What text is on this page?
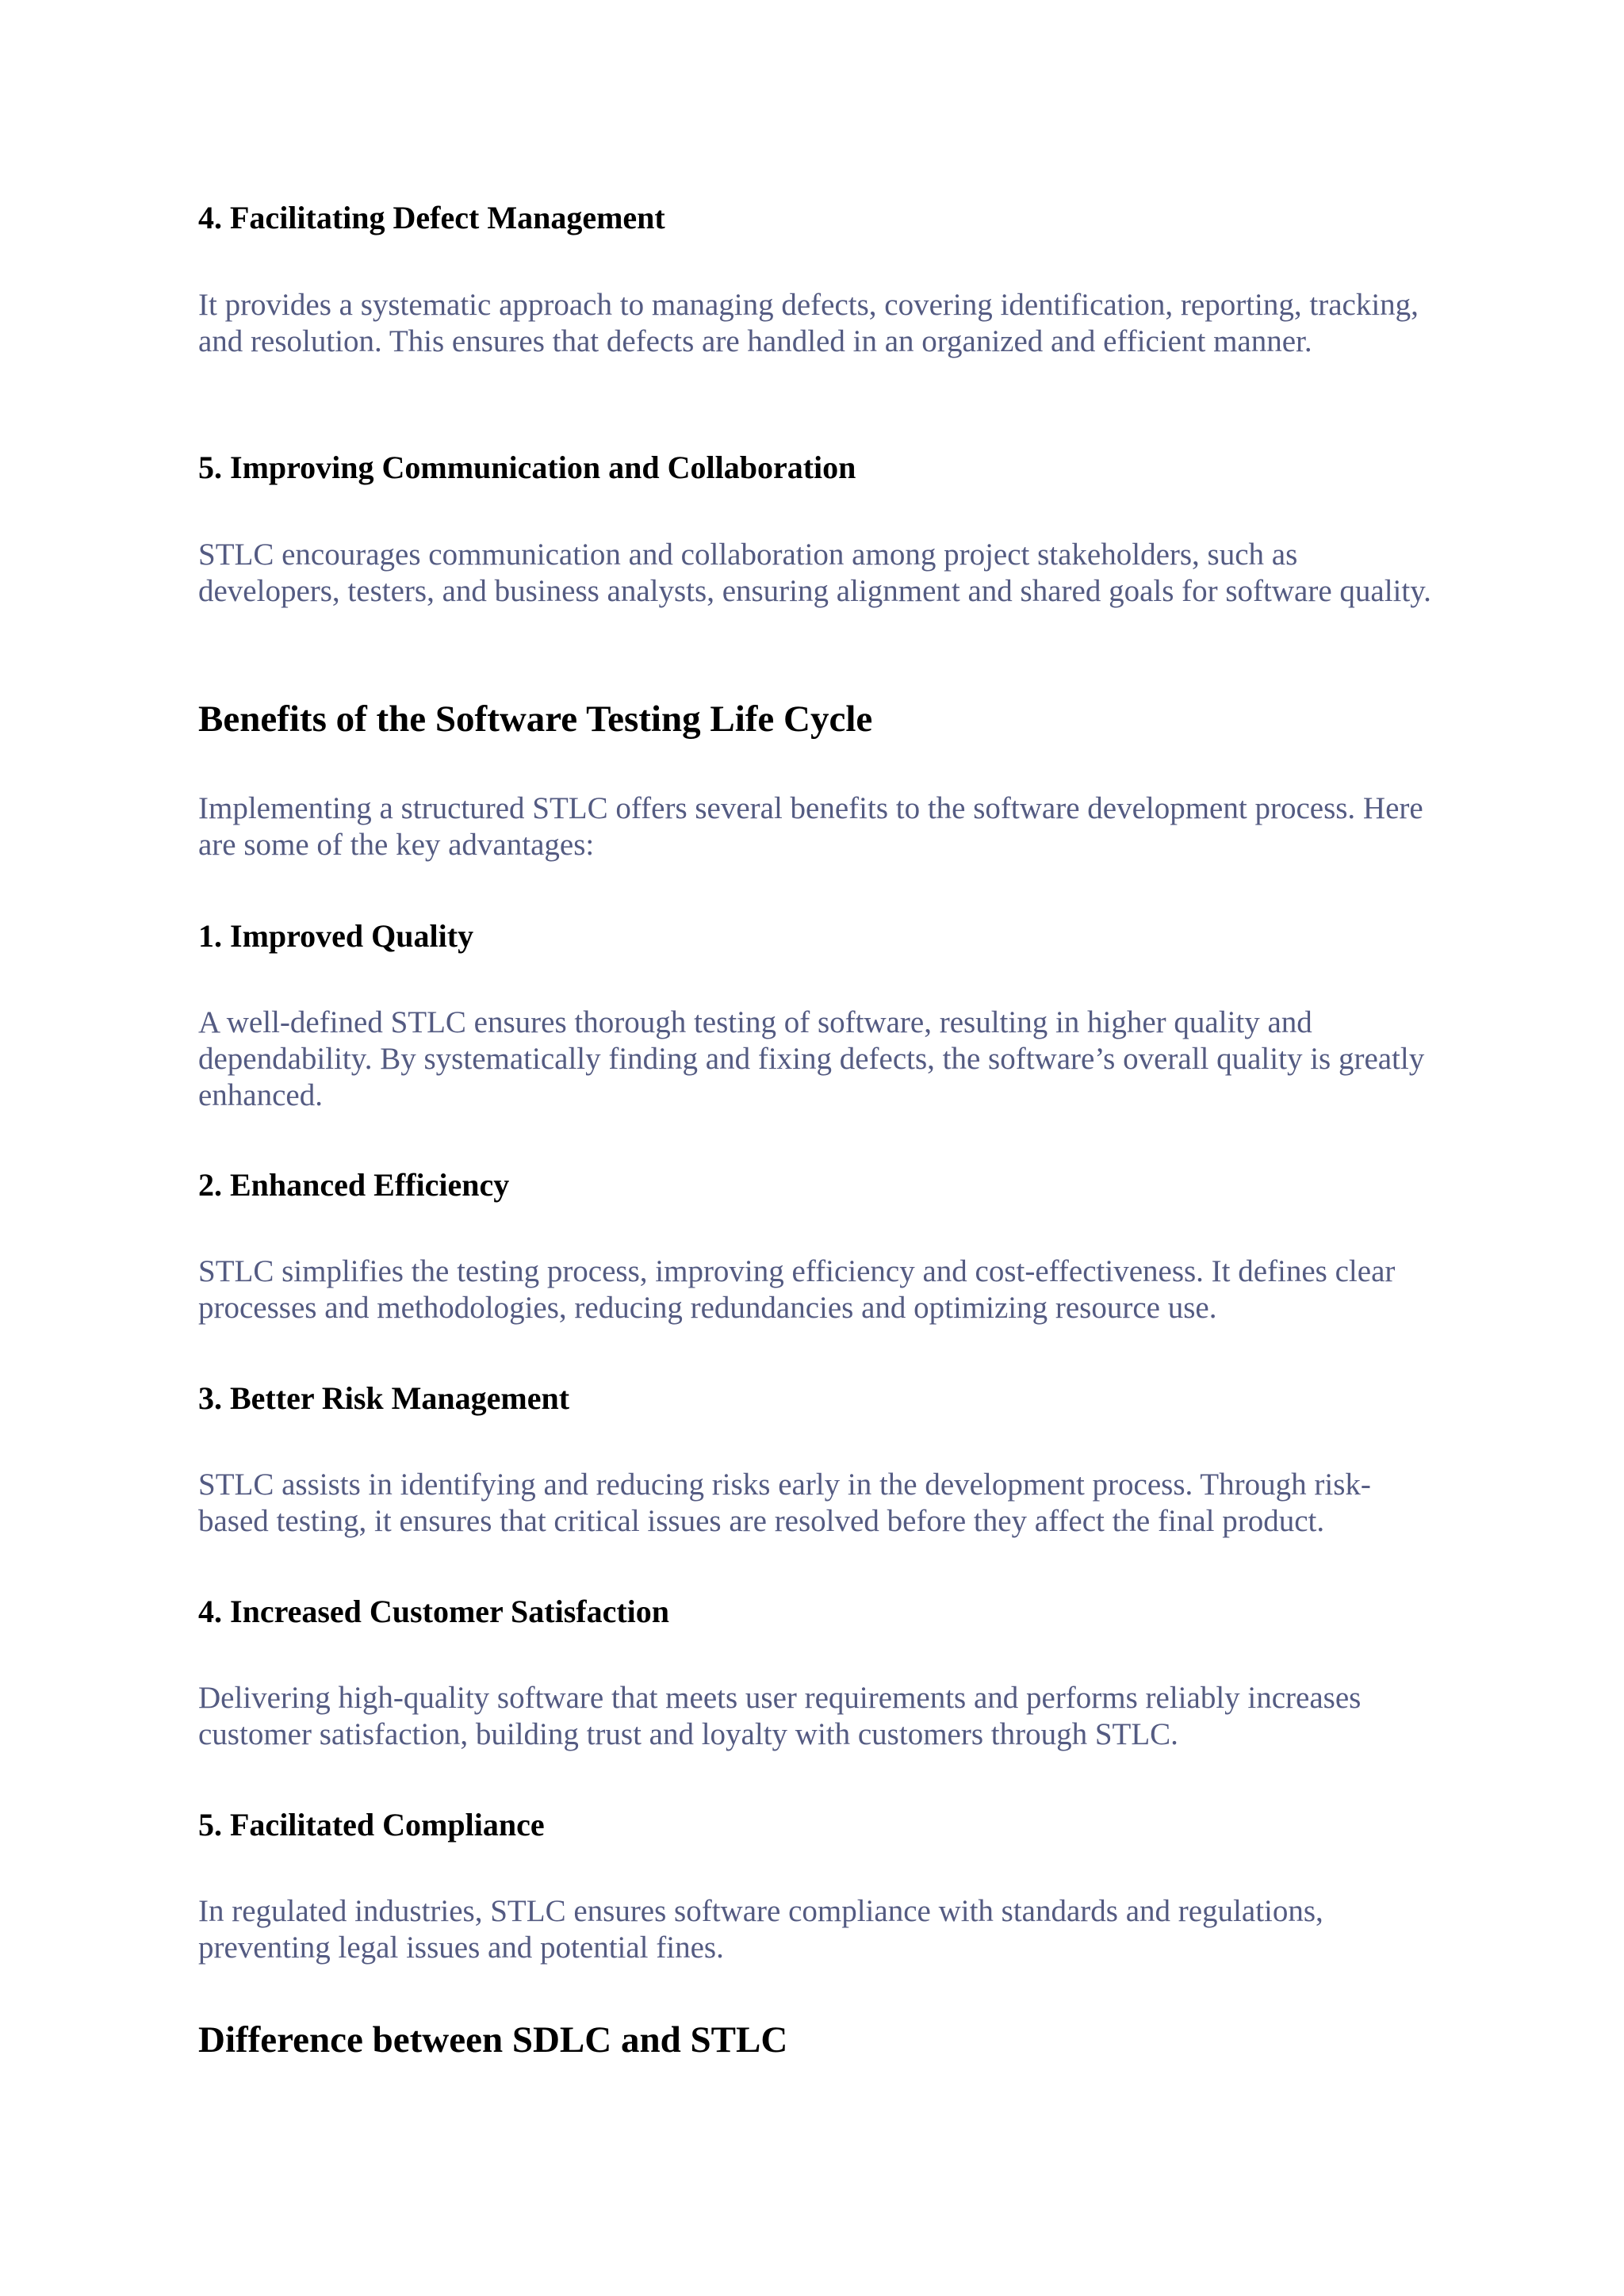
4. Facilitating Defect Management

It provides a systematic approach to managing defects, covering identification, reporting, tracking, and resolution. This ensures that defects are handled in an organized and efficient manner.

5. Improving Communication and Collaboration

STLC encourages communication and collaboration among project stakeholders, such as developers, testers, and business analysts, ensuring alignment and shared goals for software quality.

Benefits of the Software Testing Life Cycle

Implementing a structured STLC offers several benefits to the software development process. Here are some of the key advantages:

1. Improved Quality

A well-defined STLC ensures thorough testing of software, resulting in higher quality and dependability. By systematically finding and fixing defects, the software’s overall quality is greatly enhanced.

2. Enhanced Efficiency

STLC simplifies the testing process, improving efficiency and cost-effectiveness. It defines clear processes and methodologies, reducing redundancies and optimizing resource use.

3. Better Risk Management

STLC assists in identifying and reducing risks early in the development process. Through risk-based testing, it ensures that critical issues are resolved before they affect the final product.

4. Increased Customer Satisfaction

Delivering high-quality software that meets user requirements and performs reliably increases customer satisfaction, building trust and loyalty with customers through STLC.

5. Facilitated Compliance

In regulated industries, STLC ensures software compliance with standards and regulations, preventing legal issues and potential fines.

Difference between SDLC and STLC
